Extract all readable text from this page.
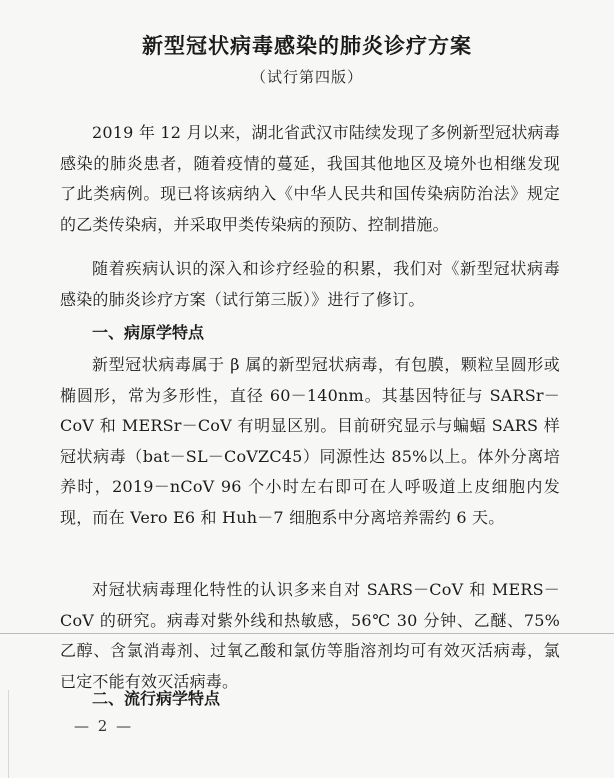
新型冠状病毒感染的肺炎诊疗方案
（试行第四版）
2019 年 12 月以来，湖北省武汉市陆续发现了多例新型冠状病毒感染的肺炎患者，随着疫情的蔓延，我国其他地区及境外也相继发现了此类病例。现已将该病纳入《中华人民共和国传染病防治法》规定的乙类传染病，并采取甲类传染病的预防、控制措施。
随着疾病认识的深入和诊疗经验的积累，我们对《新型冠状病毒感染的肺炎诊疗方案（试行第三版）》进行了修订。
一、病原学特点
新型冠状病毒属于 β 属的新型冠状病毒，有包膜，颗粒呈圆形或椭圆形，常为多形性，直径 60－140nm。其基因特征与 SARSr－CoV 和 MERSr－CoV 有明显区别。目前研究显示与蝙蝠 SARS 样冠状病毒（bat－SL－CoVZC45）同源性达 85%以上。体外分离培养时，2019－nCoV 96 个小时左右即可在人呼吸道上皮细胞内发现，而在 Vero E6 和 Huh－7 细胞系中分离培养需约 6 天。
对冠状病毒理化特性的认识多来自对 SARS－CoV 和 MERS－CoV 的研究。病毒对紫外线和热敏感，56℃ 30 分钟、乙醚、75%乙醇、含氯消毒剂、过氧乙酸和氯仿等脂溶剂均可有效灭活病毒，氯已定不能有效灭活病毒。
二、流行病学特点
— 2 —
